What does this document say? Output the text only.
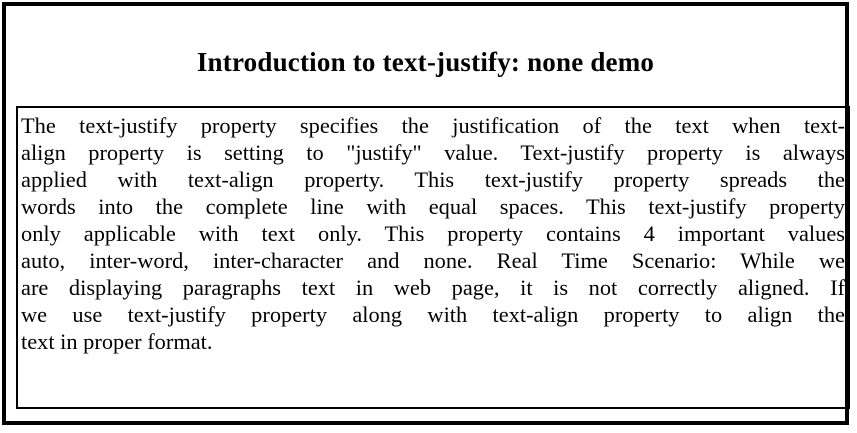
Introduction to text-justify: none demo

The text-justify property specifies the justification of the text when text-
align property is setting to "justify" value. Text-justify property is always
applied with text-align property. This text-justify property spreads the
words into the complete line with equal spaces. This text-justify property
only applicable with text only. This property contains 4 important values
auto, inter-word, inter-character and none. Real Time Scenario: While we
are displaying paragraphs text in web page, it is not correctly aligned. If
we use text-justify property along with text-align property to align the
text in proper format.
